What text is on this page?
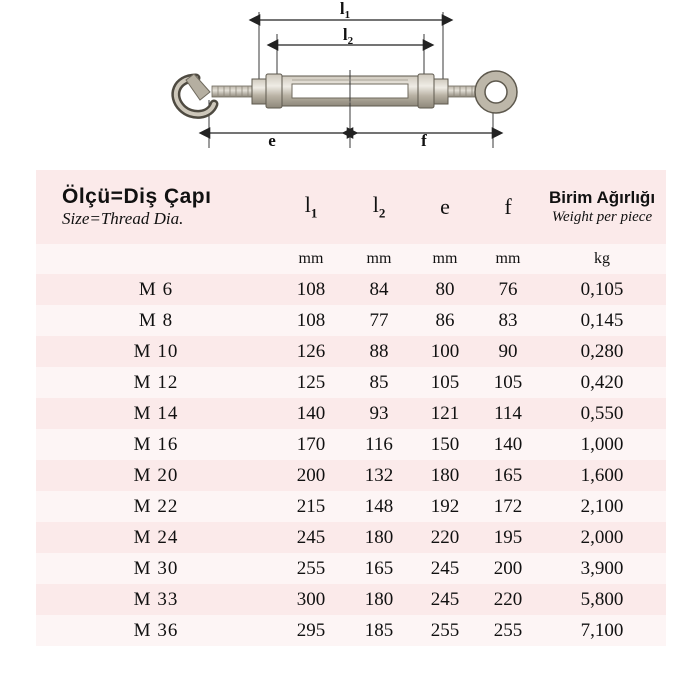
$l_1$
$l_2$
e	f
Ölçü=Diş Çapı
Size=Thread Dia.
	$l_1$	$l_2$	e	f	Birim Ağırlığı
Weight per piece

	mm	mm	mm	mm	kg
M 6	108	84	80	76	0,105
M 8	108	77	86	83	0,145
M 10	126	88	100	90	0,280
M 12	125	85	105	105	0,420
M 14	140	93	121	114	0,550
M 16	170	116	150	140	1,000
M 20	200	132	180	165	1,600
M 22	215	148	192	172	2,100
M 24	245	180	220	195	2,000
M 30	255	165	245	200	3,900
M 33	300	180	245	220	5,800
M 36	295	185	255	255	7,100
